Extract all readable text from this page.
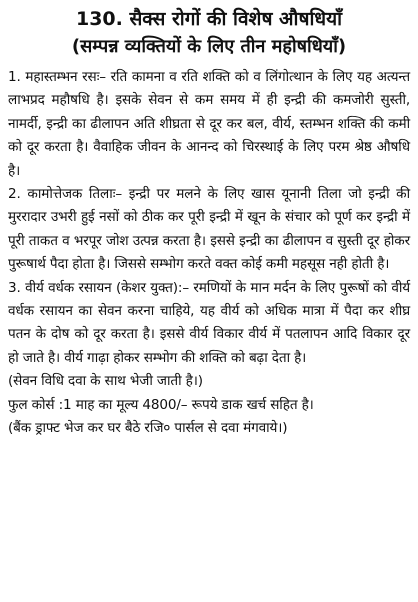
130. सैक्स रोगों की विशेष औषधियाँ

(सम्पन्न व्यक्तियों के लिए तीन महोषधियाँ)

1. महास्तम्भन रसः– रति कामना व रति शक्ति को व लिंगोत्थान के लिए यह अत्यन्त लाभप्रद महौषधि है। इसके सेवन से कम समय में ही इन्द्री की कमजोरी सुस्ती, नामर्दी, इन्द्री का ढीलापन अति शीघ्रता से दूर कर बल, वीर्य, स्तम्भन शक्ति की कमी को दूर करता है। वैवाहिक जीवन के आनन्द को चिरस्थाई के लिए परम श्रेष्ठ औषधि है।

2. कामोत्तेजक तिलाः– इन्द्री पर मलने के लिए खास यूनानी तिला जो इन्द्री की मुररादार उभरी हुई नसों को ठीक कर पूरी इन्द्री में खून के संचार को पूर्ण कर इन्द्री में पूरी ताकत व भरपूर जोश उत्पन्न करता है। इससे इन्द्री का ढीलापन व सुस्ती दूर होकर पुरूषार्थ पैदा होता है। जिससे सम्भोग करते वक्त कोई कमी महसूस नही होती है।

3. वीर्य वर्धक रसायन (केशर युक्त):– रमणियों के मान मर्दन के लिए पुरूषों को वीर्य वर्धक रसायन का सेवन करना चाहिये, यह वीर्य को अधिक मात्रा में पैदा कर शीघ्र पतन के दोष को दूर करता है। इससे वीर्य विकार वीर्य में पतलापन आदि विकार दूर हो जाते है। वीर्य गाढ़ा होकर सम्भोग की शक्ति को बढ़ा देता है।

(सेवन विधि दवा के साथ भेजी जाती है।)

फुल कोर्स :1 माह का मूल्य 4800/– रूपये डाक खर्च सहित है।

(बैंक ड्राफ्ट भेज कर घर बैठे रजि० पार्सल से दवा मंगवाये।)
